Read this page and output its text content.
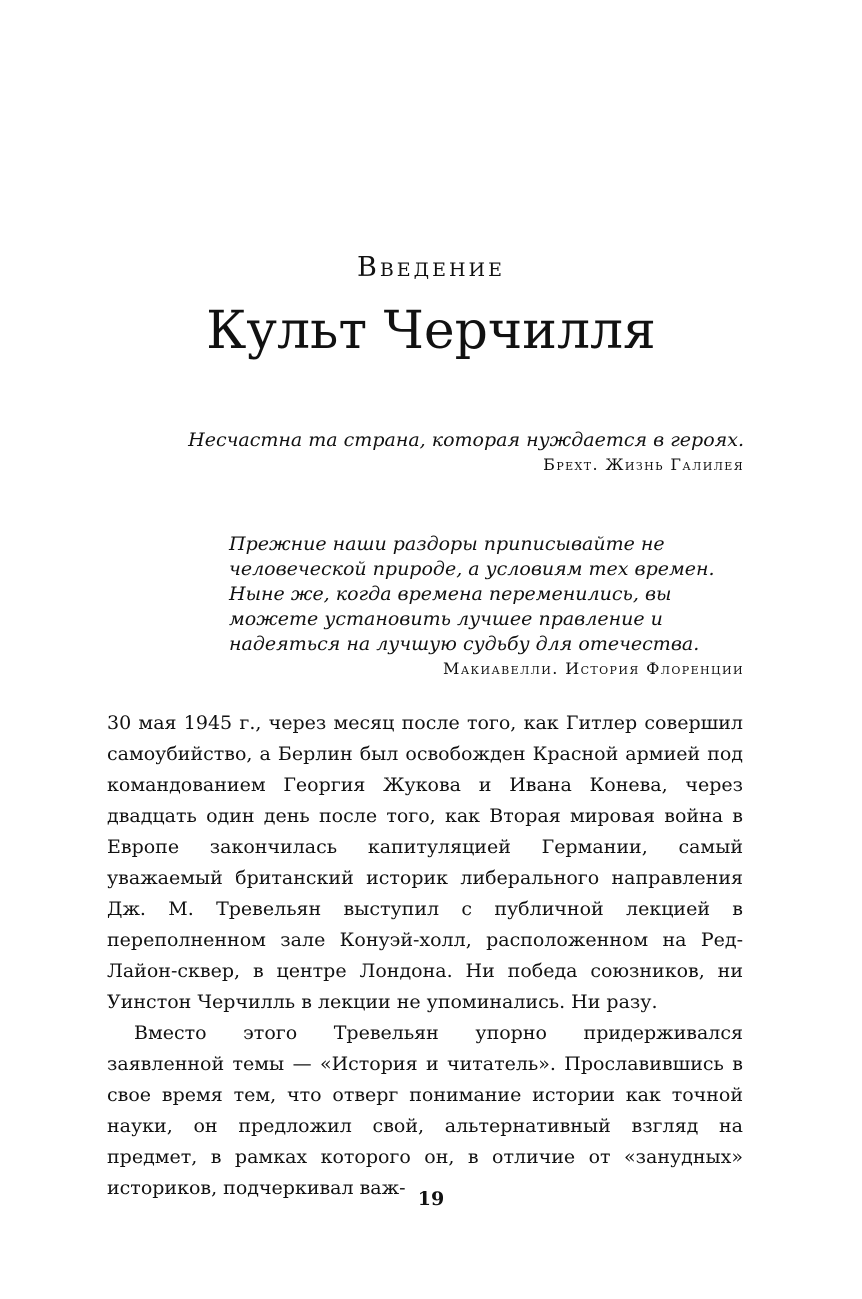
Введение
Культ Черчилля
Несчастна та страна, которая нуждается в героях.
Брехт. Жизнь Галилея
Прежние наши раздоры приписывайте не человеческой природе, а условиям тех времен. Ныне же, когда времена переменились, вы можете установить лучшее правление и надеяться на лучшую судьбу для отечества.
Макиавелли. История Флоренции

30 мая 1945 г., через месяц после того, как Гитлер совершил самоубийство, а Берлин был освобожден Красной армией под командованием Георгия Жукова и Ивана Конева, через двадцать один день после того, как Вторая мировая война в Европе закончилась капитуляцией Германии, самый уважаемый британский историк либерального направления Дж. М. Тревельян выступил с публичной лекцией в переполненном зале Конуэй-холл, расположенном на Ред-Лайон-сквер, в центре Лондона. Ни победа союзников, ни Уинстон Черчилль в лекции не упоминались. Ни разу.

Вместо этого Тревельян упорно придерживался заявленной темы — «История и читатель». Прославившись в свое время тем, что отверг понимание истории как точной науки, он предложил свой, альтернативный взгляд на предмет, в рамках которого он, в отличие от «занудных» историков, подчеркивал важ- 19
